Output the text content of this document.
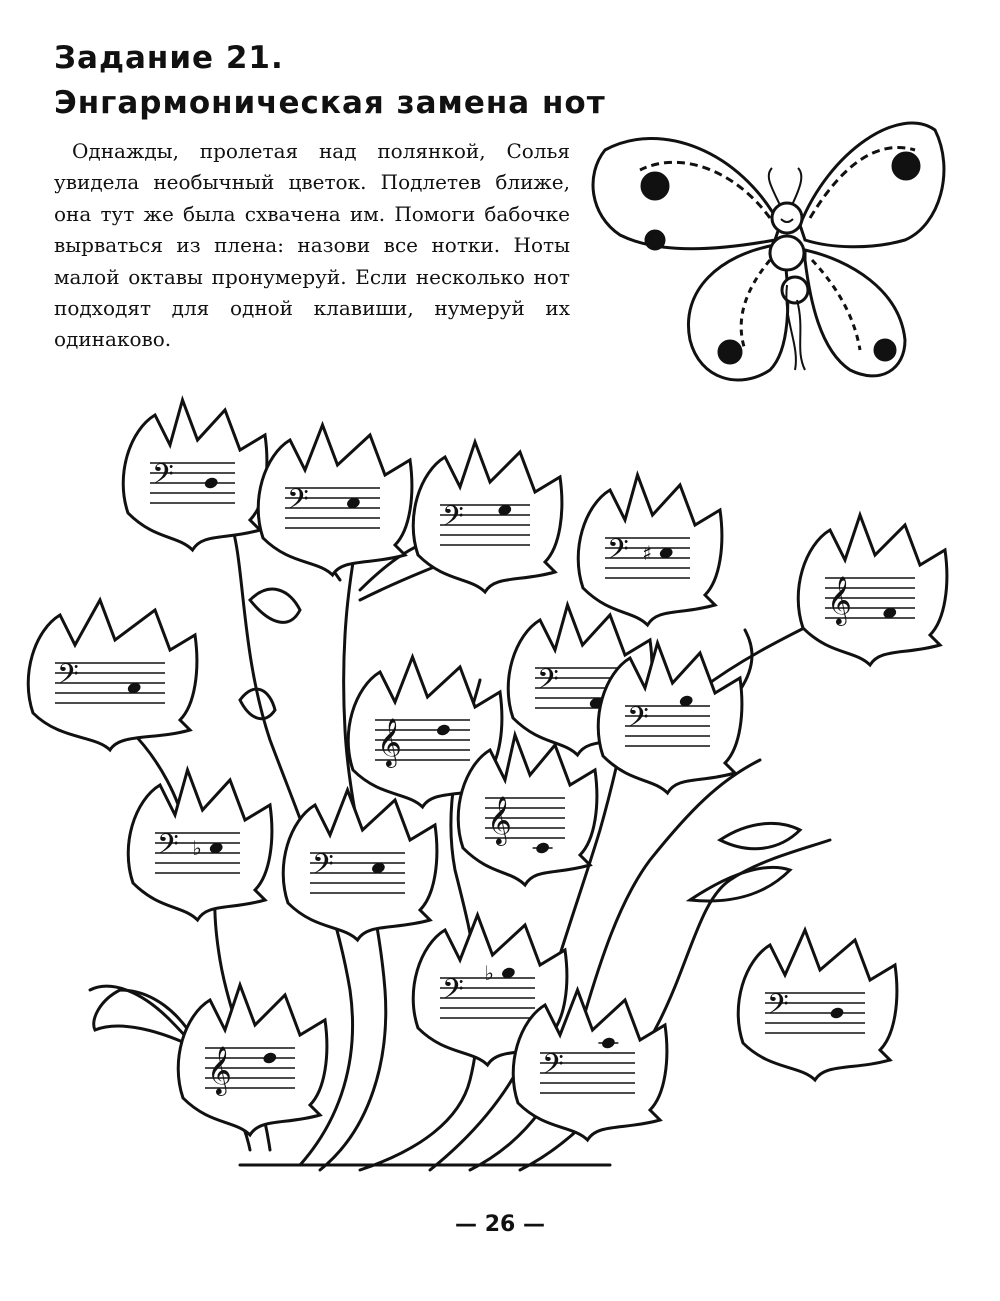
Задание 21.
Энгармоническая замена нот

Однажды, пролетая над полянкой, Солья увидела необычный цветок. Подлетев ближе, она тут же была схвачена им. Помоги бабочке вырваться из плена: назови все нотки. Ноты малой октавы пронумеруй. Если несколько нот подходят для одной клавиши, нумеруй их одинаково.

𝄢
𝄢	𝄢
𝄢 ♯
𝄞
𝄢	𝄢
𝄞	𝄢
𝄢 ♭	𝄢
𝄞
𝄢 ♭
𝄢
𝄞	𝄢
— 26 —
